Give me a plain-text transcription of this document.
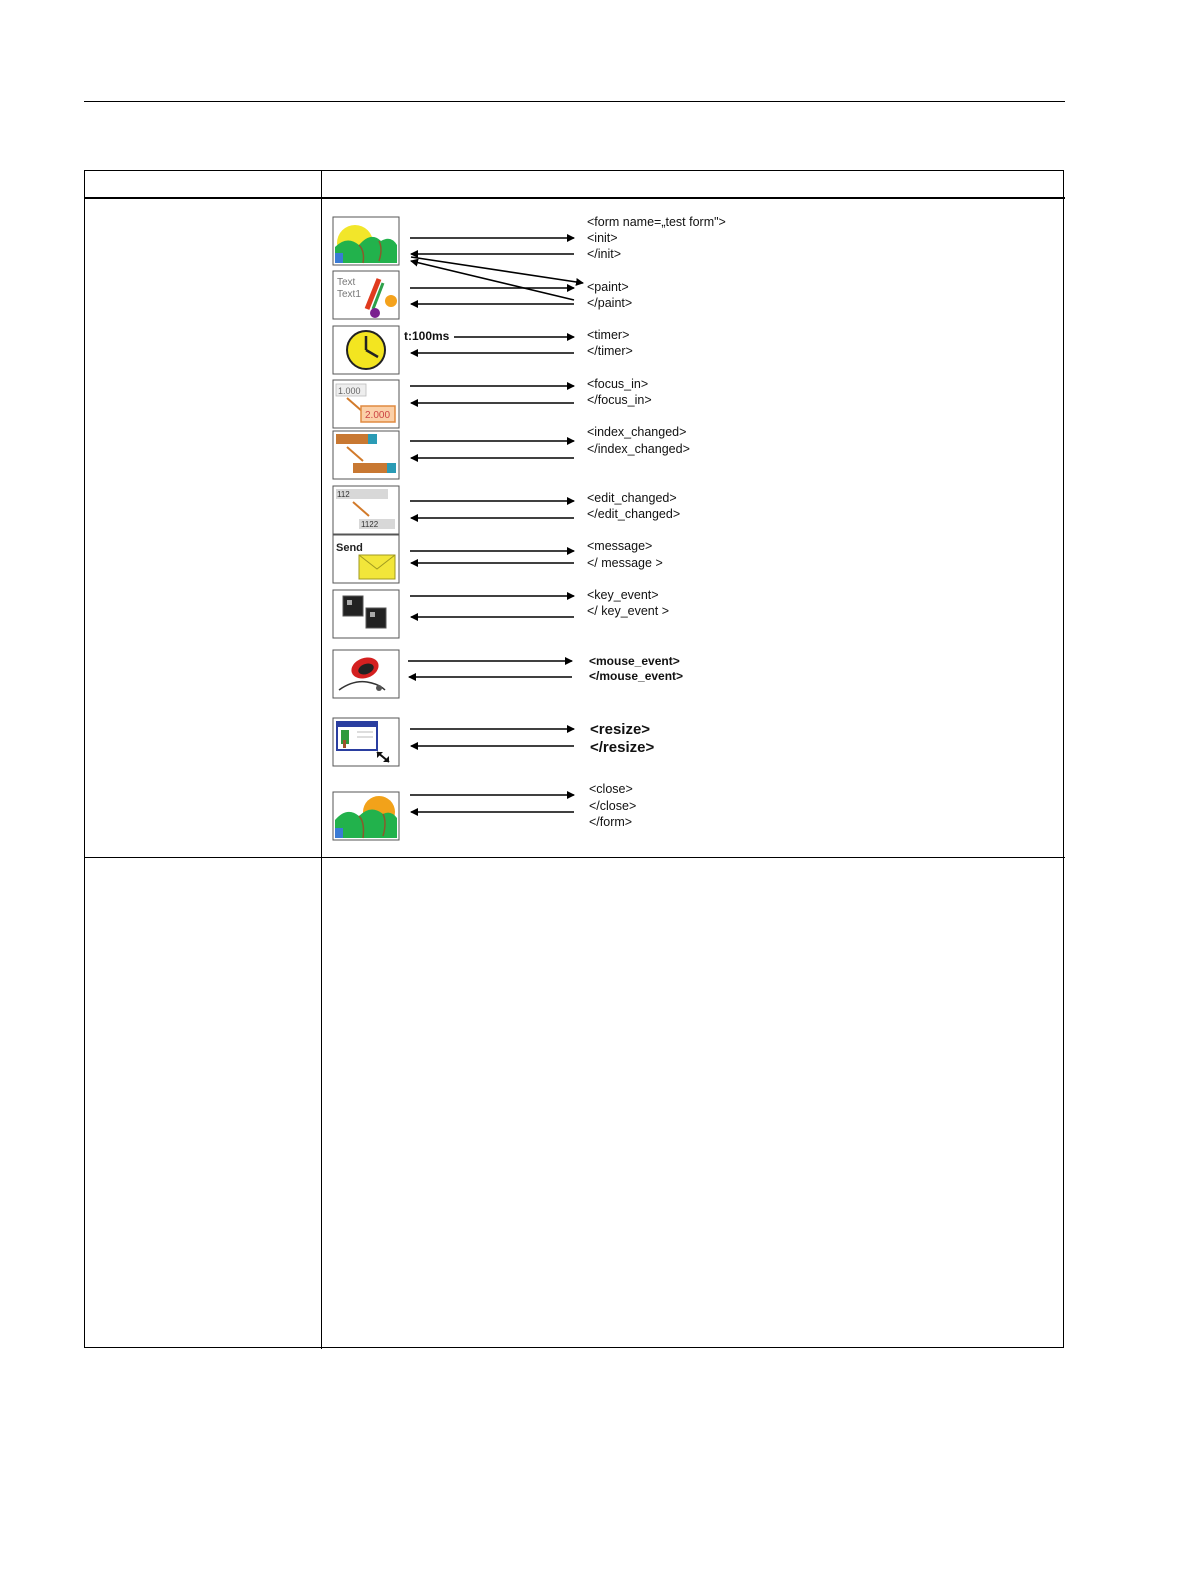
Text
Text1
1.000
2.000
112
1122
Send
t:100ms
<form name=„test form">
<init>
</init>
<paint>
</paint>
<timer>
</timer>
<focus_in>
</focus_in>
<index_changed>
</index_changed>
<edit_changed>
</edit_changed>
<message>
</ message >
<key_event>
</ key_event >
<mouse_event>
</mouse_event>
<resize>
</resize>
<close>
</close>
</form>
